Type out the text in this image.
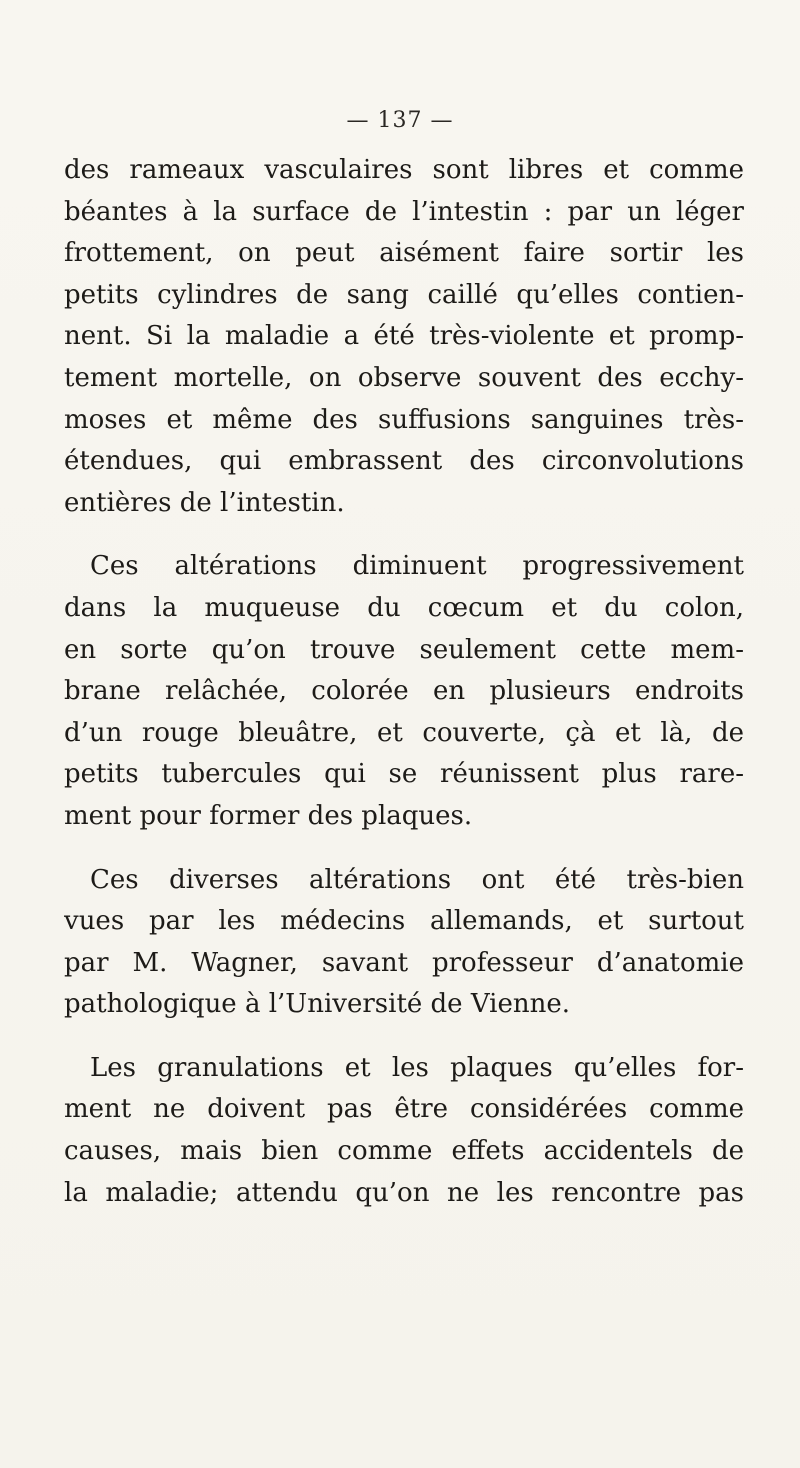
— 137 —
des rameaux vasculaires sont libres et comme
béantes à la surface de l’intestin : par un léger
frottement, on peut aisément faire sortir les
petits cylindres de sang caillé qu’elles contien-
nent. Si la maladie a été très-violente et promp-
tement mortelle, on observe souvent des ecchy-
moses et même des suffusions sanguines très-
étendues, qui embrassent des circonvolutions
entières de l’intestin.
Ces altérations diminuent progressivement
dans la muqueuse du cœcum et du colon,
en sorte qu’on trouve seulement cette mem-
brane relâchée, colorée en plusieurs endroits
d’un rouge bleuâtre, et couverte, çà et là, de
petits tubercules qui se réunissent plus rare-
ment pour former des plaques.
Ces diverses altérations ont été très-bien
vues par les médecins allemands, et surtout
par M. Wagner, savant professeur d’anatomie
pathologique à l’Université de Vienne.
Les granulations et les plaques qu’elles for-
ment ne doivent pas être considérées comme
causes, mais bien comme effets accidentels de
la maladie; attendu qu’on ne les rencontre pas
